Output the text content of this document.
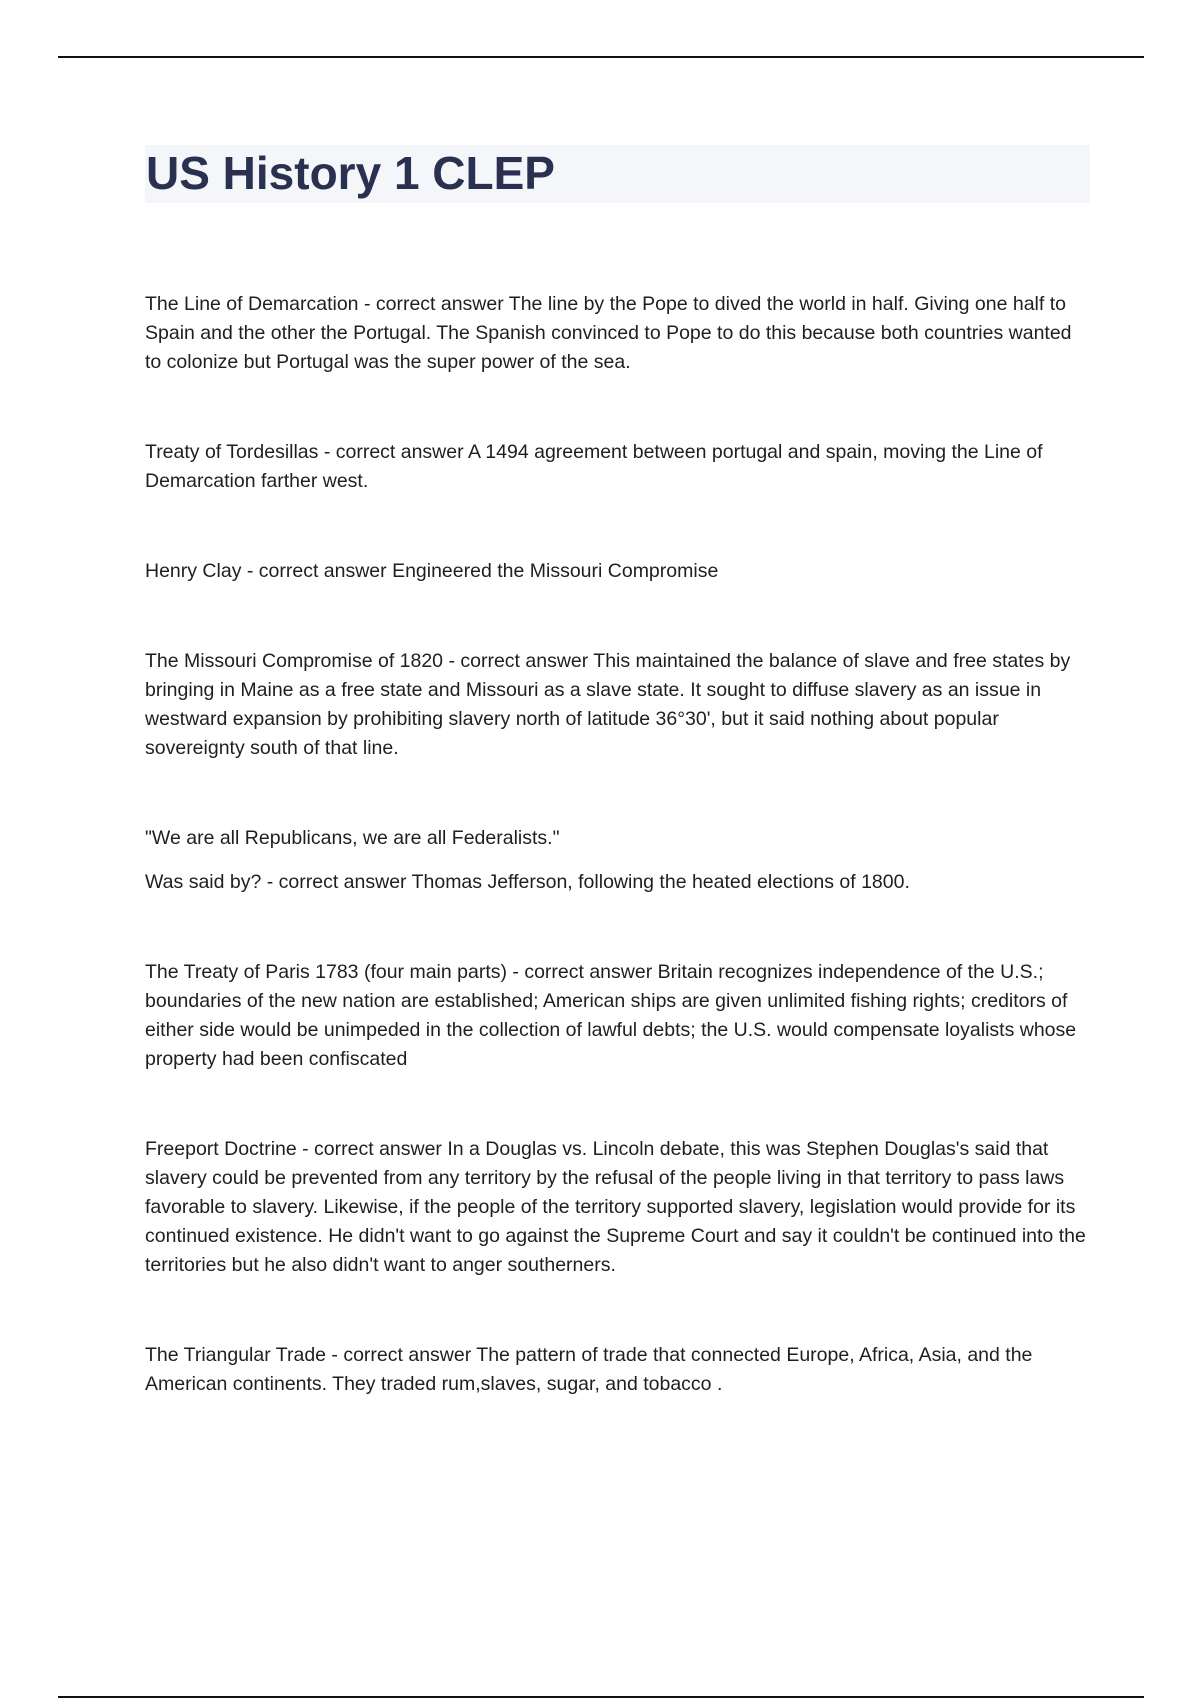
US History 1 CLEP

The Line of Demarcation - correct answer The line by the Pope to dived the world in half. Giving one half to Spain and the other the Portugal. The Spanish convinced to Pope to do this because both countries wanted to colonize but Portugal was the super power of the sea.

Treaty of Tordesillas - correct answer A 1494 agreement between portugal and spain, moving the Line of Demarcation farther west.

Henry Clay - correct answer Engineered the Missouri Compromise

The Missouri Compromise of 1820 - correct answer This maintained the balance of slave and free states by bringing in Maine as a free state and Missouri as a slave state. It sought to diffuse slavery as an issue in westward expansion by prohibiting slavery north of latitude 36°30', but it said nothing about popular sovereignty south of that line.

"We are all Republicans, we are all Federalists."

Was said by? - correct answer Thomas Jefferson, following the heated elections of 1800.

The Treaty of Paris 1783 (four main parts) - correct answer Britain recognizes independence of the U.S.; boundaries of the new nation are established; American ships are given unlimited fishing rights; creditors of either side would be unimpeded in the collection of lawful debts; the U.S. would compensate loyalists whose property had been confiscated

Freeport Doctrine - correct answer In a Douglas vs. Lincoln debate, this was Stephen Douglas's said that slavery could be prevented from any territory by the refusal of the people living in that territory to pass laws favorable to slavery. Likewise, if the people of the territory supported slavery, legislation would provide for its continued existence. He didn't want to go against the Supreme Court and say it couldn't be continued into the territories but he also didn't want to anger southerners.

The Triangular Trade - correct answer The pattern of trade that connected Europe, Africa, Asia, and the American continents. They traded rum,slaves, sugar, and tobacco .
